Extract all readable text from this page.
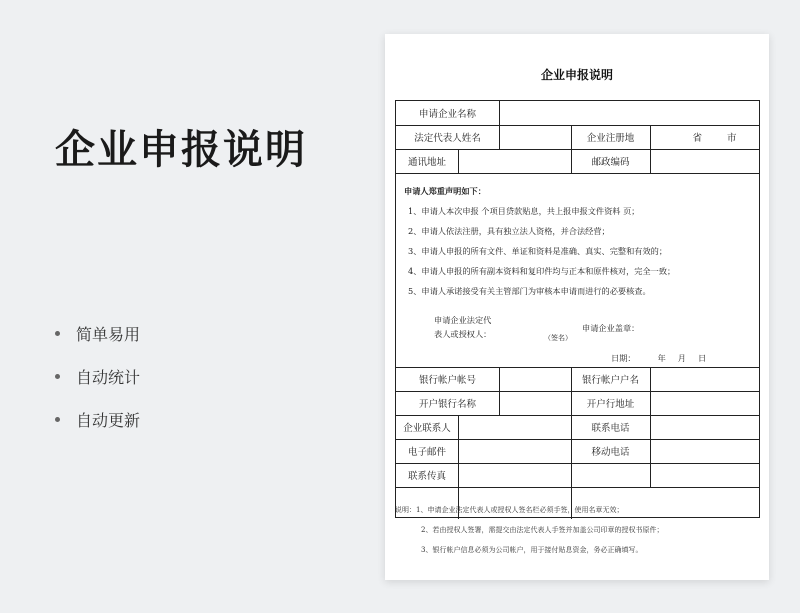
企业申报说明
简单易用
自动统计
自动更新
企业申报说明
申请企业名称
法定代表人姓名	企业注册地	省	市
通讯地址	邮政编码
申请人郑重声明如下：
1、申请人本次申报 个项目贷款贴息，共上报申报文件资料 页；
2、申请人依法注册，具有独立法人资格，并合法经营；
3、申请人申报的所有文件、单证和资料是准确、真实、完整和有效的；
4、申请人申报的所有副本资料和复印件均与正本和原件核对，完全一致；
5、申请人承诺接受有关主管部门为审核本申请而进行的必要核查。
申请企业法定代
表人或授权人：	（签名）
申请企业盖章：
日期：	年 月 日
银行帐户帐号	银行帐户户名
开户银行名称	开户行地址
企业联系人	联系电话
电子邮件	移动电话
联系传真
说明：1、申请企业法定代表人或授权人签名栏必须手签，使用名章无效；
2、若由授权人签署，需提交由法定代表人手签并加盖公司印章的授权书原件；
3、银行帐户信息必须为公司帐户，用于接付贴息资金，务必正确填写。
